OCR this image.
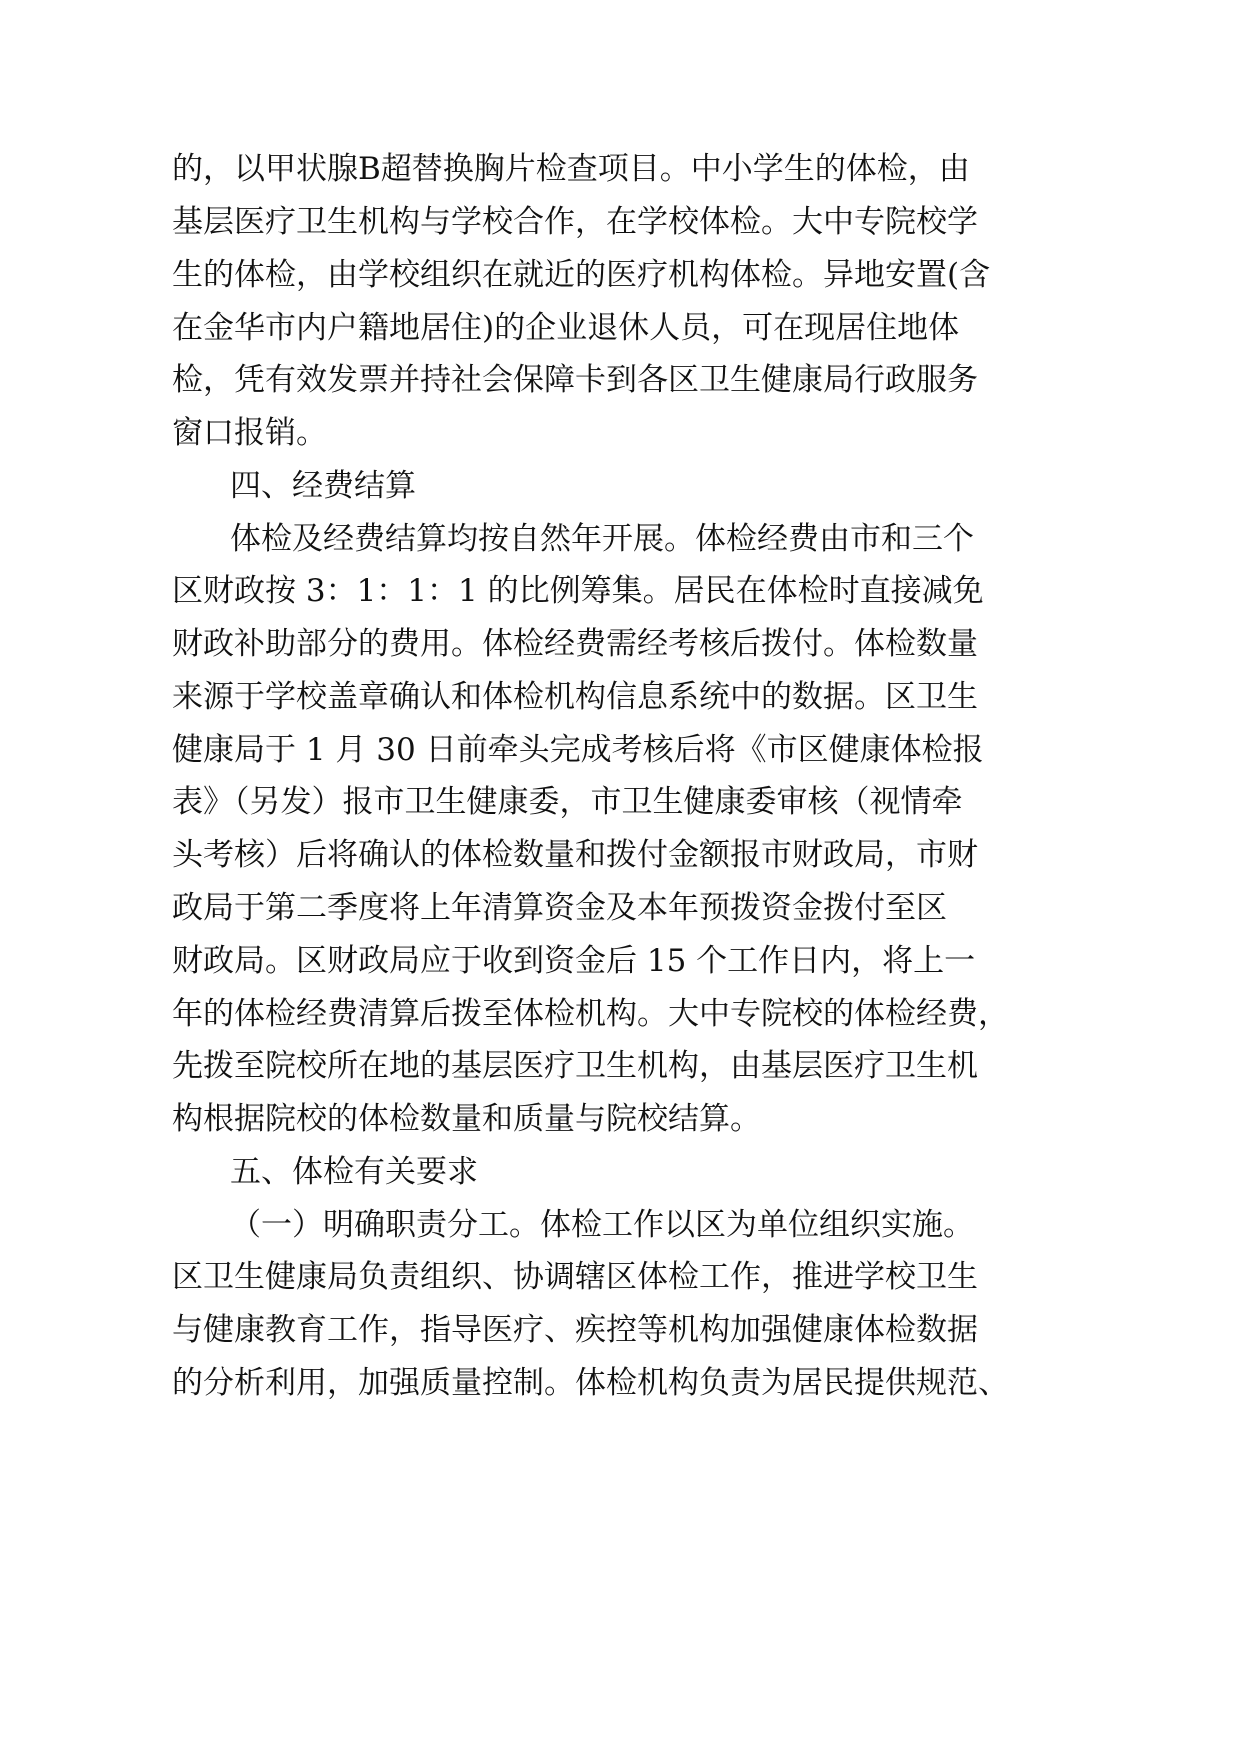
的，以甲状腺B超替换胸片检查项目。中小学生的体检，由
基层医疗卫生机构与学校合作，在学校体检。大中专院校学
生的体检，由学校组织在就近的医疗机构体检。异地安置(含
在金华市内户籍地居住)的企业退休人员，可在现居住地体
检，凭有效发票并持社会保障卡到各区卫生健康局行政服务
窗口报销。
四、经费结算
体检及经费结算均按自然年开展。体检经费由市和三个
区财政按 3：1：1：1 的比例筹集。居民在体检时直接减免
财政补助部分的费用。体检经费需经考核后拨付。体检数量
来源于学校盖章确认和体检机构信息系统中的数据。区卫生
健康局于 1 月 30 日前牵头完成考核后将《市区健康体检报
表》（另发）报市卫生健康委，市卫生健康委审核（视情牵
头考核）后将确认的体检数量和拨付金额报市财政局，市财
政局于第二季度将上年清算资金及本年预拨资金拨付至区
财政局。区财政局应于收到资金后 15 个工作日内，将上一
年的体检经费清算后拨至体检机构。大中专院校的体检经费，
先拨至院校所在地的基层医疗卫生机构，由基层医疗卫生机
构根据院校的体检数量和质量与院校结算。
五、体检有关要求
（一）明确职责分工。体检工作以区为单位组织实施。
区卫生健康局负责组织、协调辖区体检工作，推进学校卫生
与健康教育工作，指导医疗、疾控等机构加强健康体检数据
的分析利用，加强质量控制。体检机构负责为居民提供规范、
